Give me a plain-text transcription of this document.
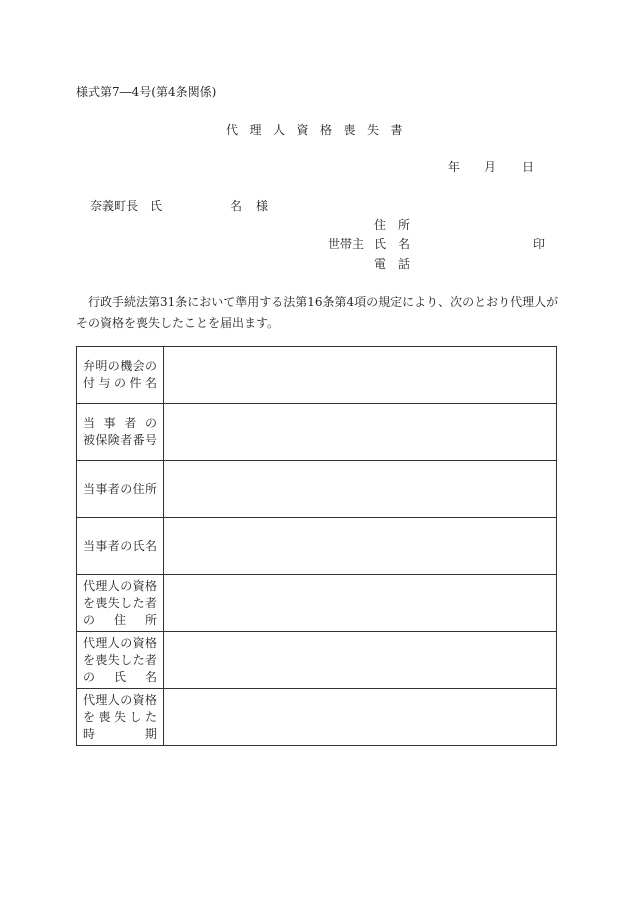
様式第7―4号(第4条関係)
代 理 人 資 格 喪 失 書
年 月 日
奈義町長　氏	名 様
住　所
世帯主 氏　名	印
電　話
行政手続法第31条において準用する法第16条第4項の規定により、次のとおり代理人がその資格を喪失したことを届出ます。
弁明の機会の
付与の件名	

当事者の
被保険者番号	

当事者の住所	

当事者の氏名	

代理人の資格
を喪失した者
の住所	

代理人の資格
を喪失した者
の氏名	

代理人の資格
を喪失した
時期	
